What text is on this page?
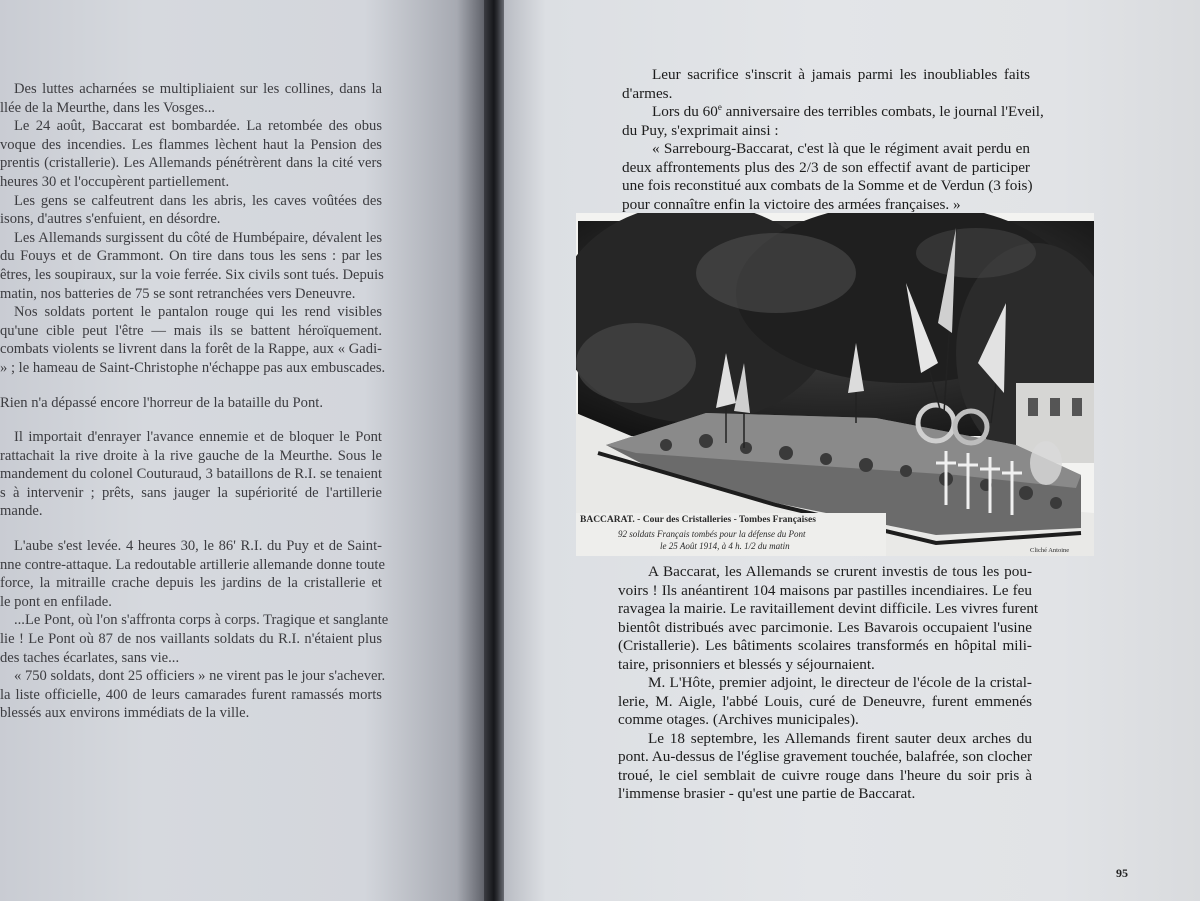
Des luttes acharnées se multipliaient sur les collines, dans la
llée de la Meurthe, dans les Vosges...
Le 24 août, Baccarat est bombardée. La retombée des obus
voque des incendies. Les flammes lèchent haut la Pension des
prentis (cristallerie). Les Allemands pénétrèrent dans la cité vers
heures 30 et l'occupèrent partiellement.
Les gens se calfeutrent dans les abris, les caves voûtées des
isons, d'autres s'enfuient, en désordre.
Les Allemands surgissent du côté de Humbépaire, dévalent les
du Fouys et de Grammont. On tire dans tous les sens : par les
êtres, les soupiraux, sur la voie ferrée. Six civils sont tués. Depuis
matin, nos batteries de 75 se sont retranchées vers Deneuvre.
Nos soldats portent le pantalon rouge qui les rend visibles
qu'une cible peut l'être — mais ils se battent héroïquement.
combats violents se livrent dans la forêt de la Rappe, aux « Gadi-
» ; le hameau de Saint-Christophe n'échappe pas aux embuscades.
Rien n'a dépassé encore l'horreur de la bataille du Pont.
Il importait d'enrayer l'avance ennemie et de bloquer le Pont
rattachait la rive droite à la rive gauche de la Meurthe. Sous le
mandement du colonel Couturaud, 3 bataillons de R.I. se tenaient
s à intervenir ; prêts, sans jauger la supériorité de l'artillerie
mande.
L'aube s'est levée. 4 heures 30, le 86' R.I. du Puy et de Saint-
nne contre-attaque. La redoutable artillerie allemande donne toute
force, la mitraille crache depuis les jardins de la cristallerie et
le pont en enfilade.
...Le Pont, où l'on s'affronta corps à corps. Tragique et sanglante
lie ! Le Pont où 87 de nos vaillants soldats du R.I. n'étaient plus
des taches écarlates, sans vie...
« 750 soldats, dont 25 officiers » ne virent pas le jour s'achever.
la liste officielle, 400 de leurs camarades furent ramassés morts
blessés aux environs immédiats de la ville.
Leur sacrifice s'inscrit à jamais parmi les inoubliables faits
d'armes.
Lors du 60e anniversaire des terribles combats, le journal l'Eveil,
du Puy, s'exprimait ainsi :
« Sarrebourg-Baccarat, c'est là que le régiment avait perdu en
deux affrontements plus des 2/3 de son effectif avant de participer
une fois reconstitué aux combats de la Somme et de Verdun (3 fois)
pour connaître enfin la victoire des armées françaises. »
BACCARAT. - Cour des Cristalleries - Tombes Françaises
92 soldats Français tombés pour la défense du Pont
le 25 Août 1914, à 4 h. 1/2 du matin	Cliché Antoine
A Baccarat, les Allemands se crurent investis de tous les pou-
voirs ! Ils anéantirent 104 maisons par pastilles incendiaires. Le feu
ravagea la mairie. Le ravitaillement devint difficile. Les vivres furent
bientôt distribués avec parcimonie. Les Bavarois occupaient l'usine
(Cristallerie). Les bâtiments scolaires transformés en hôpital mili-
taire, prisonniers et blessés y séjournaient.
M. L'Hôte, premier adjoint, le directeur de l'école de la cristal-
lerie, M. Aigle, l'abbé Louis, curé de Deneuvre, furent emmenés
comme otages. (Archives municipales).
Le 18 septembre, les Allemands firent sauter deux arches du
pont. Au-dessus de l'église gravement touchée, balafrée, son clocher
troué, le ciel semblait de cuivre rouge dans l'heure du soir pris à
l'immense brasier - qu'est une partie de Baccarat.
95
